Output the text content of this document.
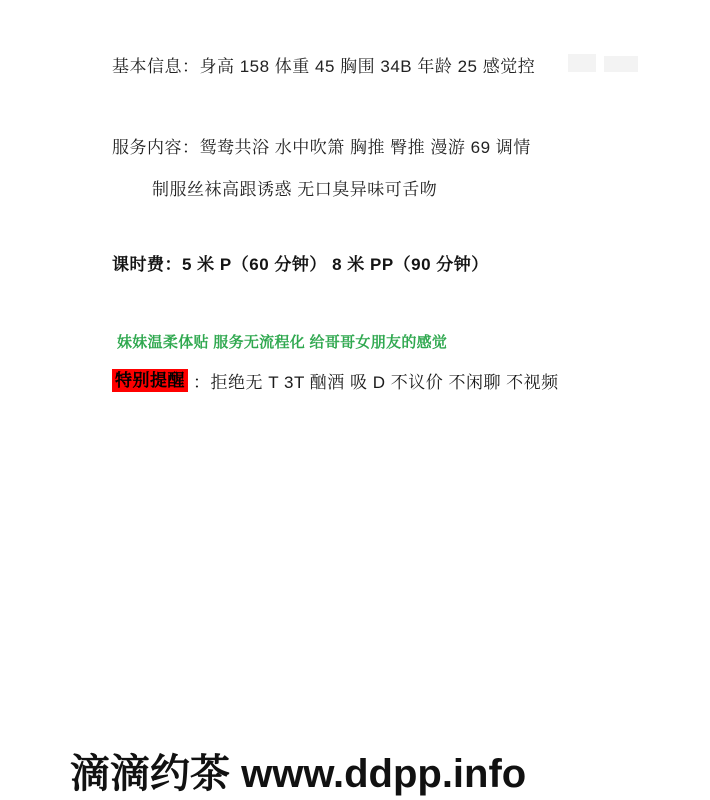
基本信息：身高 158 体重 45 胸围 34B 年龄 25 感觉控
服务内容：鸳鸯共浴 水中吹箫 胸推 臀推 漫游 69 调情
制服丝袜高跟诱惑 无口臭异味可舌吻
课时费：5 米 P（60 分钟） 8 米 PP（90 分钟）
妹妹温柔体贴 服务无流程化 给哥哥女朋友的感觉
特别提醒 ：拒绝无 T 3T 酗酒 吸 D 不议价 不闲聊 不视频
滴滴约茶 www.ddpp.info
